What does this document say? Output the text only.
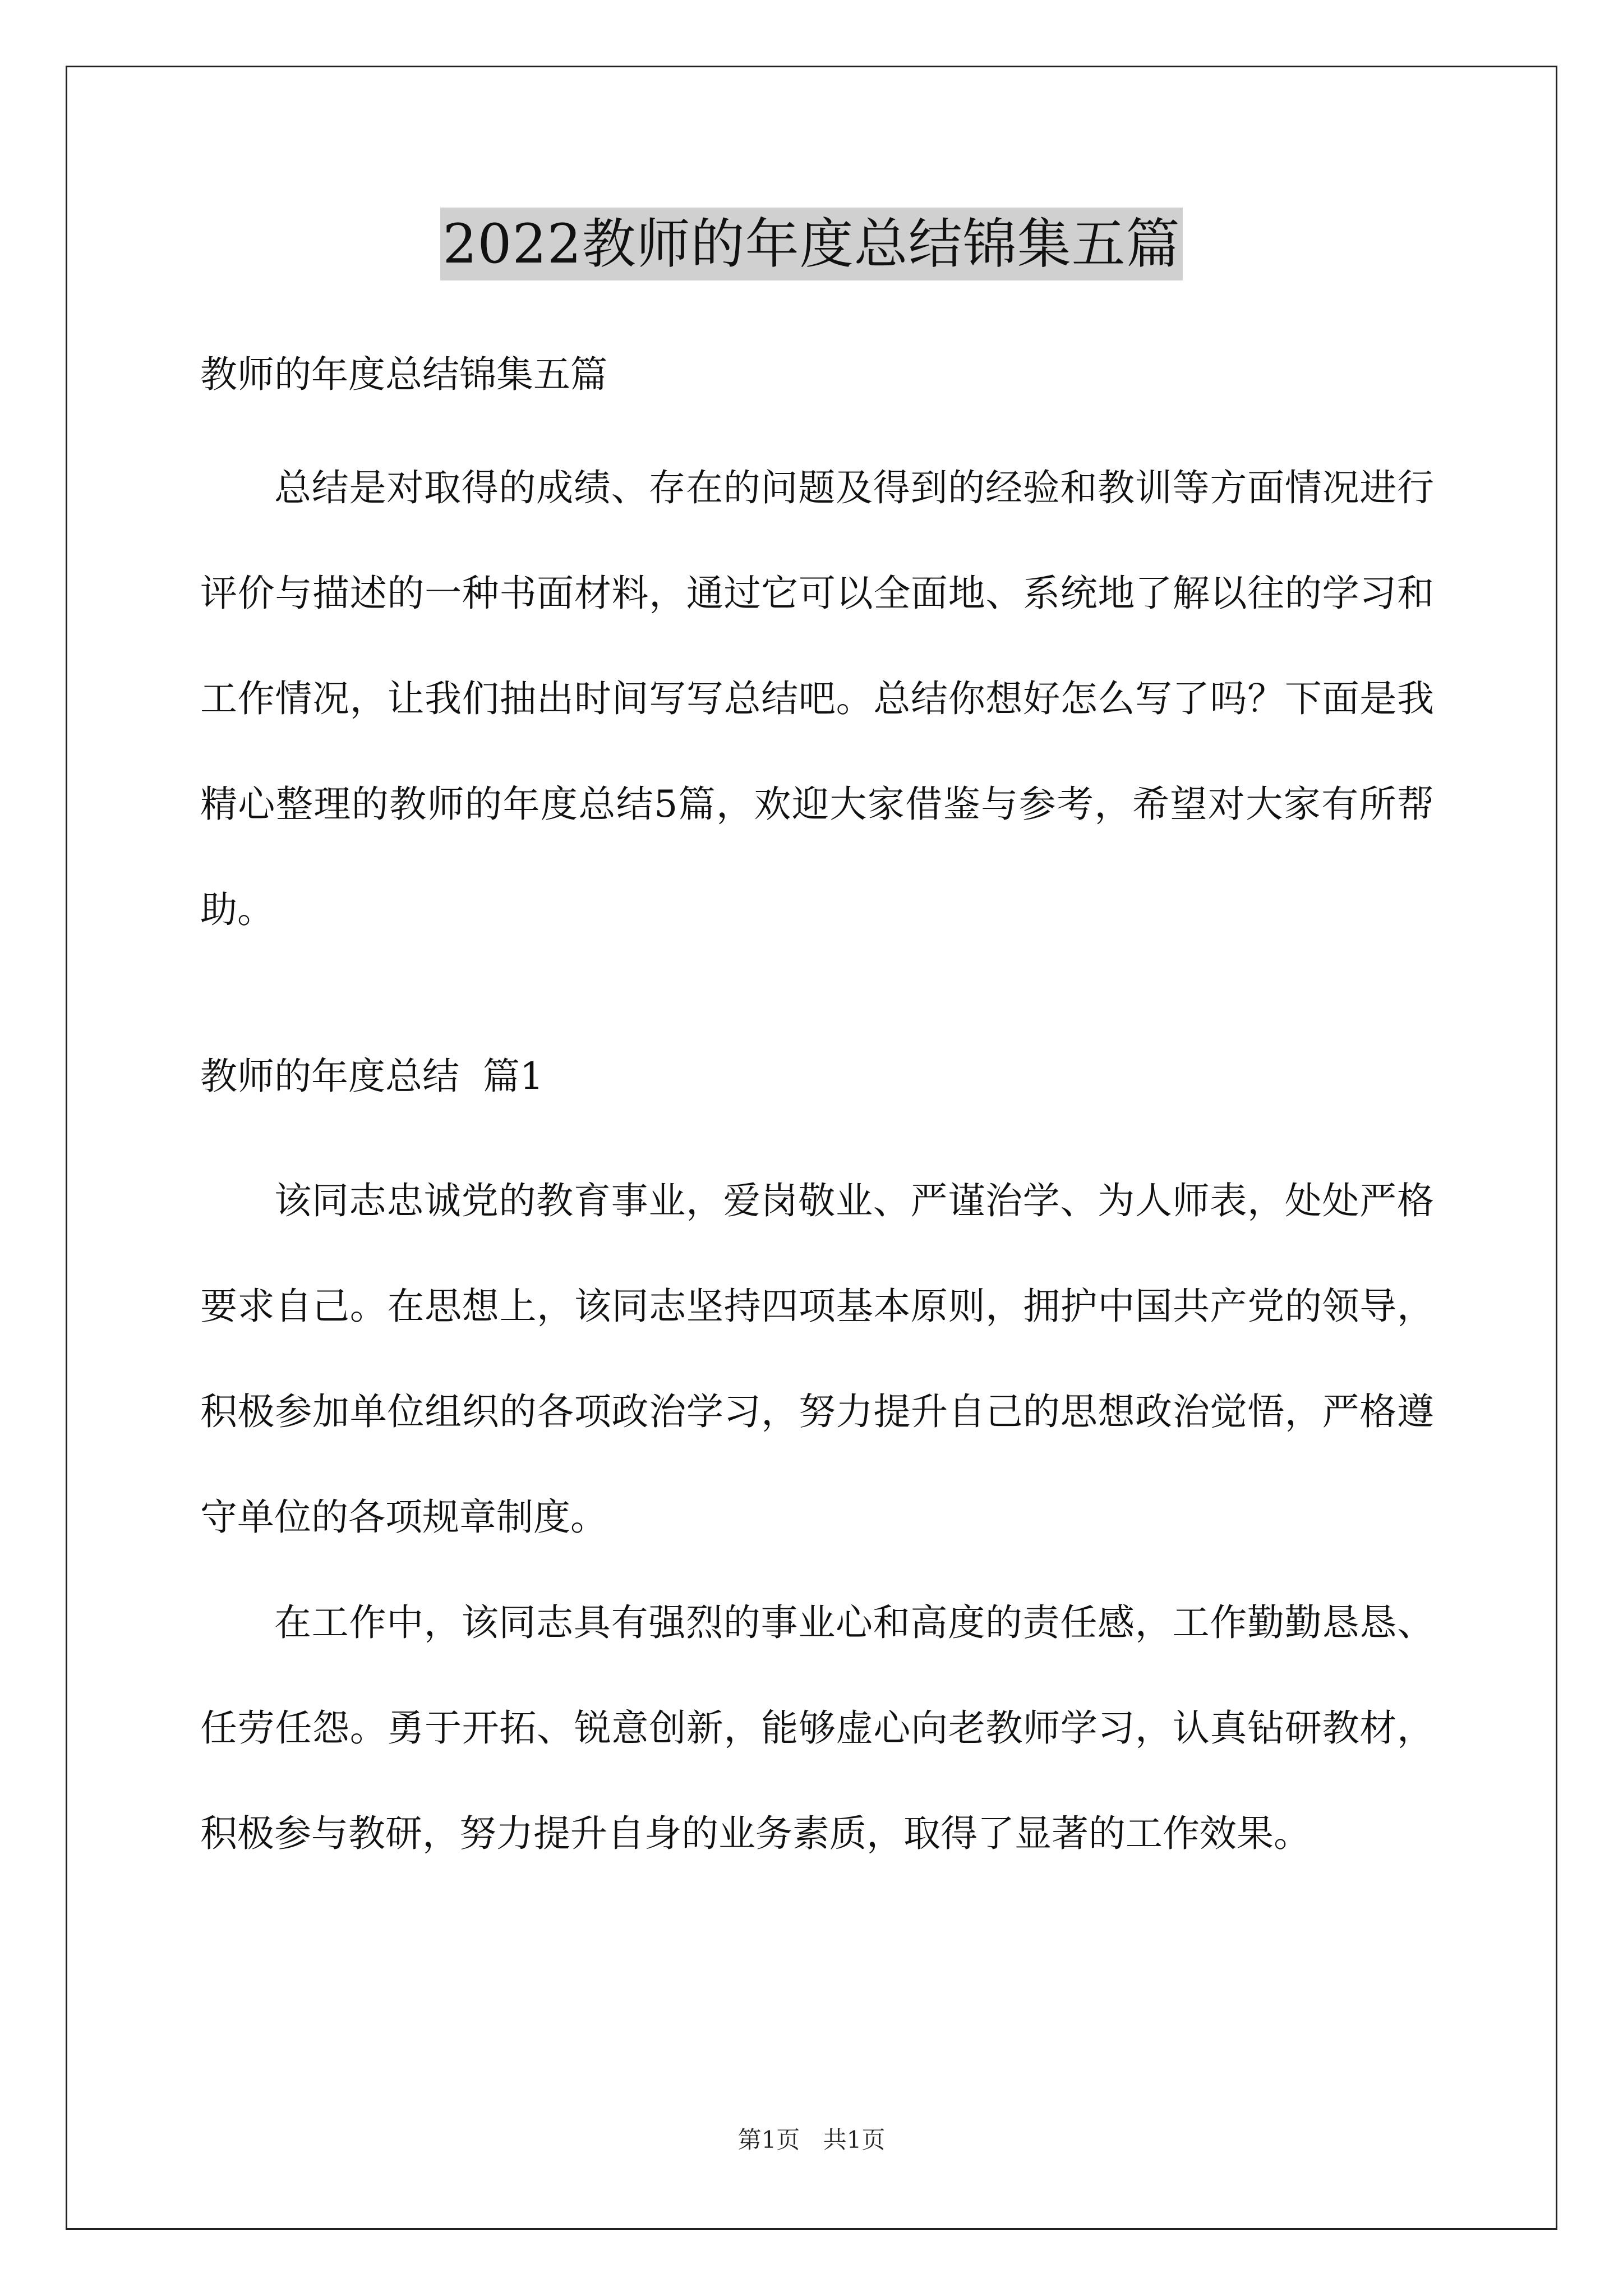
2022教师的年度总结锦集五篇

教师的年度总结锦集五篇

总结是对取得的成绩、存在的问题及得到的经验和教训等方面情况进行评价与描述的一种书面材料，通过它可以全面地、系统地了解以往的学习和工作情况，让我们抽出时间写写总结吧。总结你想好怎么写了吗？下面是我精心整理的教师的年度总结5篇，欢迎大家借鉴与参考，希望对大家有所帮助。

教师的年度总结  篇1

该同志忠诚党的教育事业，爱岗敬业、严谨治学、为人师表，处处严格要求自己。在思想上，该同志坚持四项基本原则，拥护中国共产党的领导，积极参加单位组织的各项政治学习，努力提升自己的思想政治觉悟，严格遵守单位的各项规章制度。

在工作中，该同志具有强烈的事业心和高度的责任感，工作勤勤恳恳、任劳任怨。勇于开拓、锐意创新，能够虚心向老教师学习，认真钻研教材，积极参与教研，努力提升自身的业务素质，取得了显著的工作效果。

第1页 共1页
